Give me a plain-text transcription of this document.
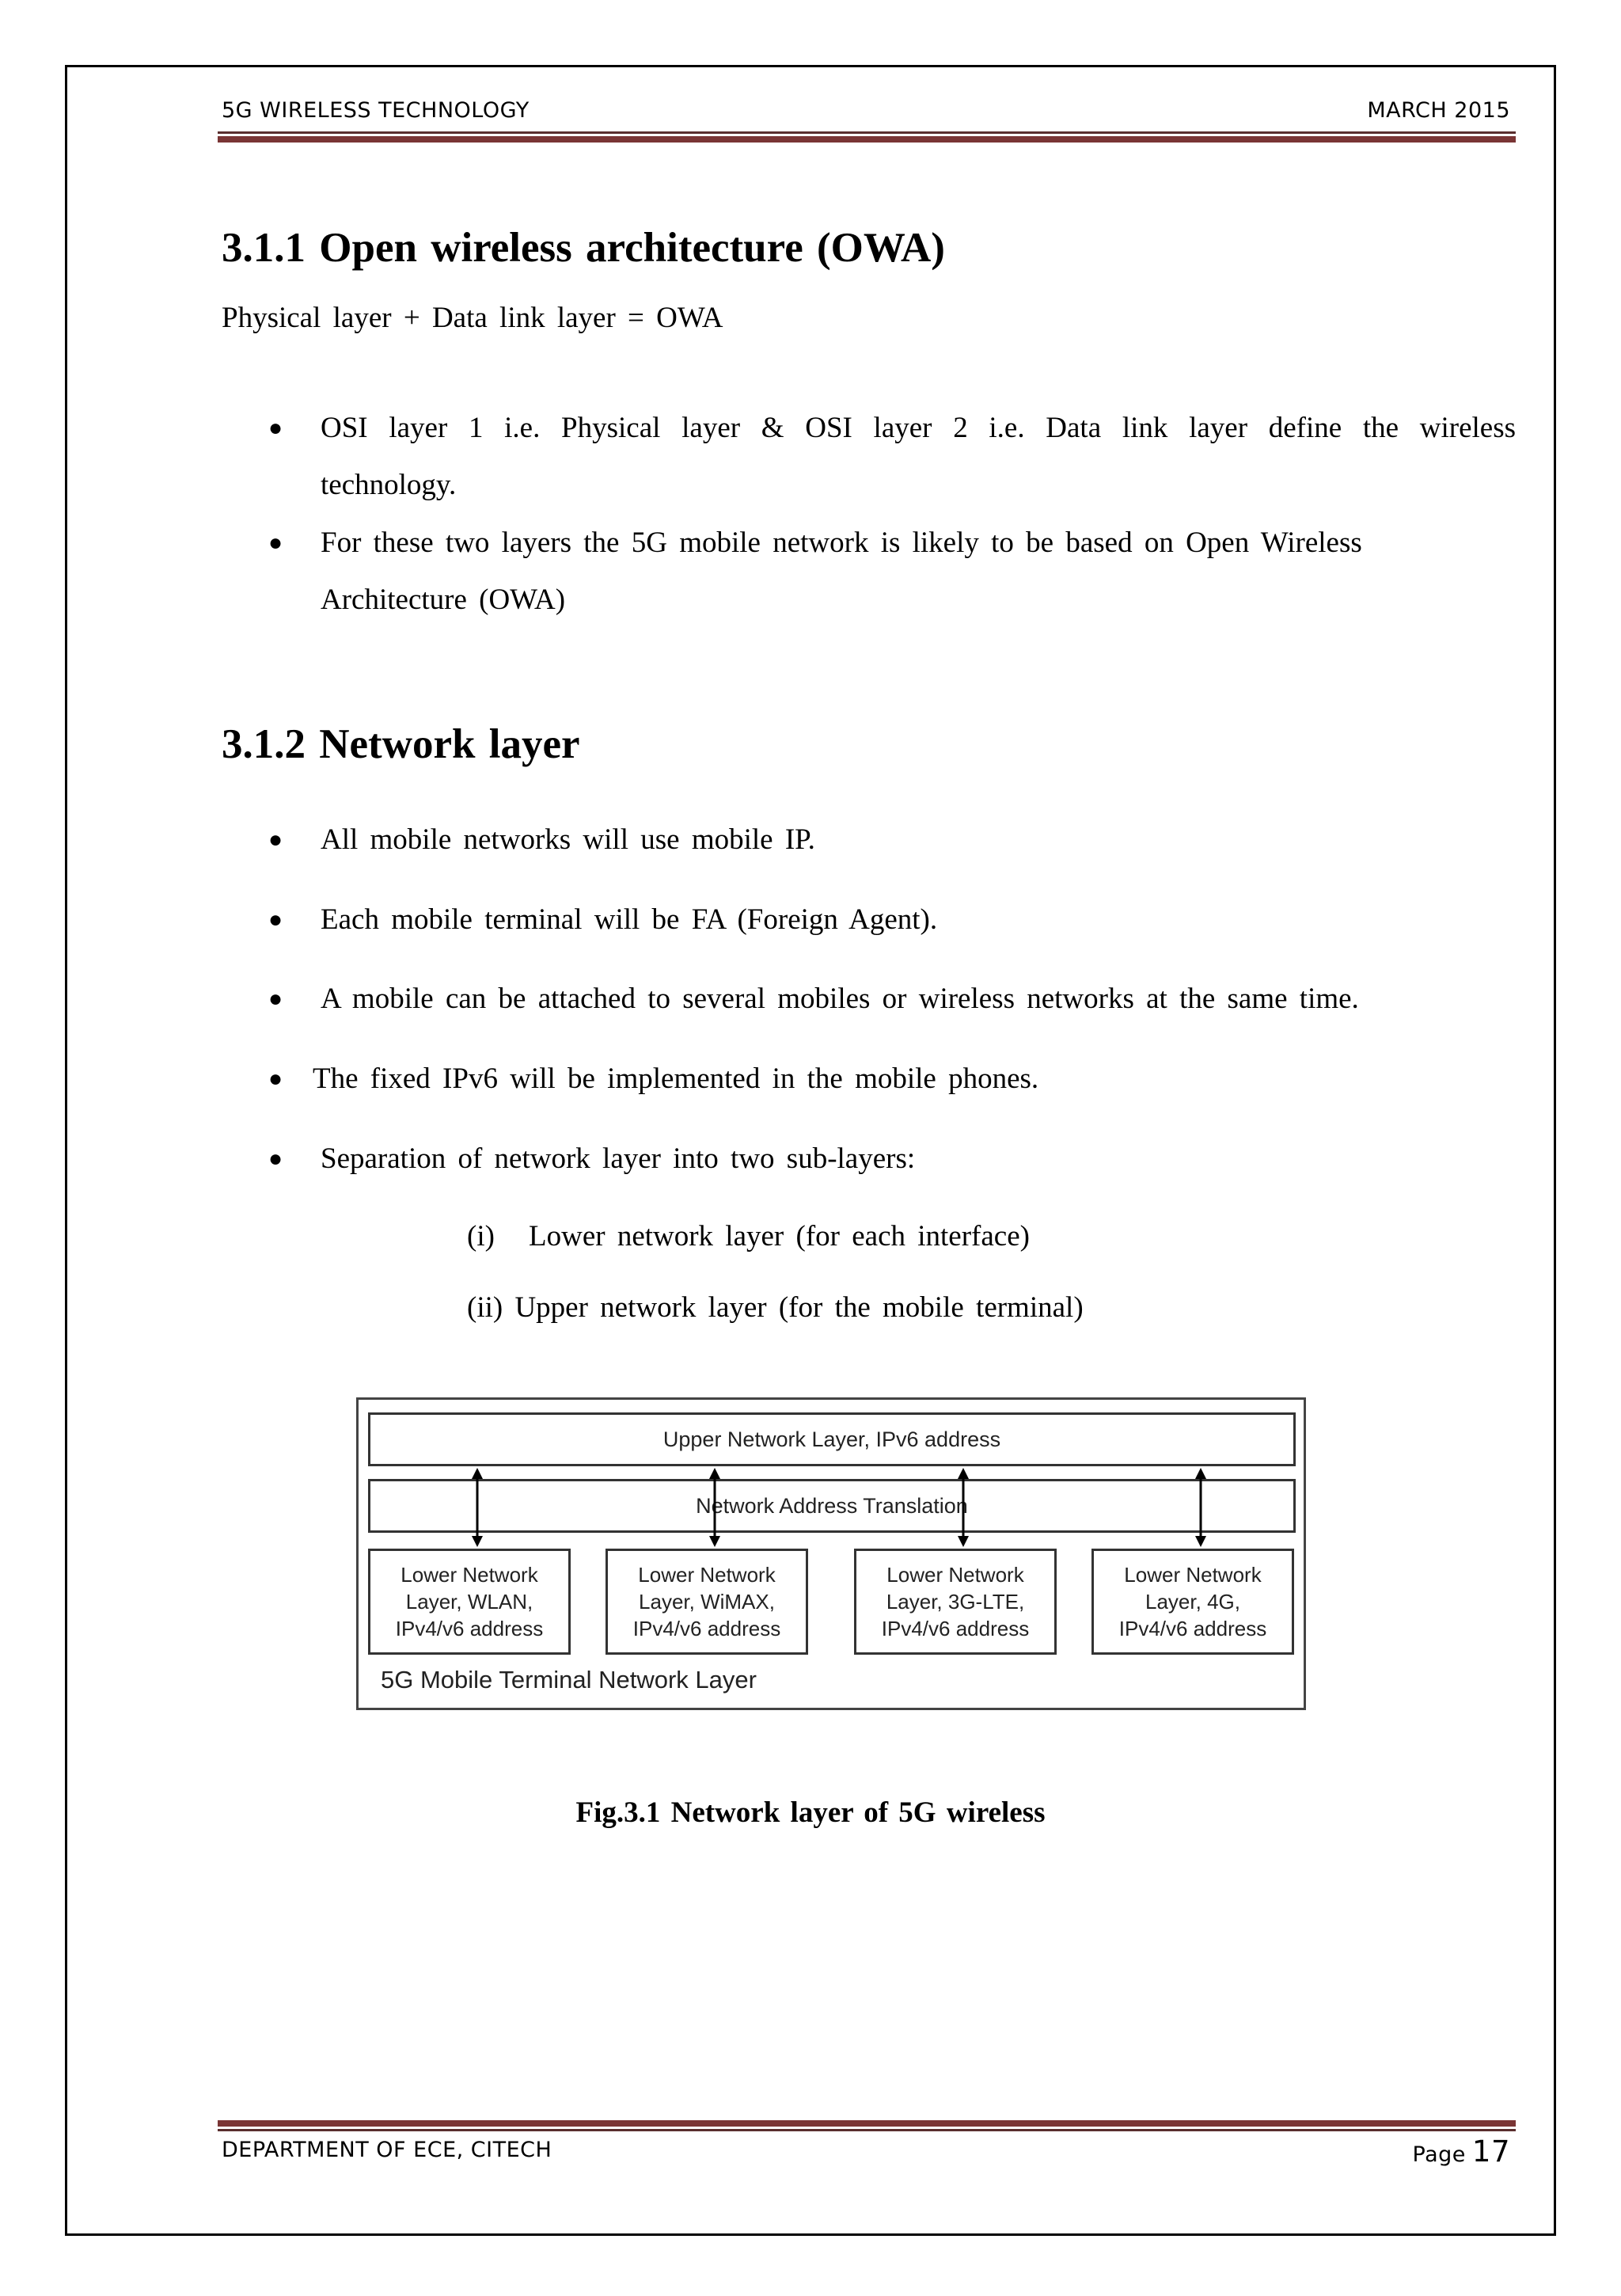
5G WIRELESS TECHNOLOGY	MARCH 2015
3.1.1 Open wireless architecture (OWA)
Physical layer + Data link layer = OWA
● OSI layer 1 i.e. Physical layer & OSI layer 2 i.e. Data link layer define the wireless technology.
● For these two layers the 5G mobile network is likely to be based on Open Wireless Architecture (OWA)
3.1.2 Network layer
● All mobile networks will use mobile IP.
● Each mobile terminal will be FA (Foreign Agent).
● A mobile can be attached to several mobiles or wireless networks at the same time.
● The fixed IPv6 will be implemented in the mobile phones.
● Separation of network layer into two sub-layers:
(i) Lower network layer (for each interface)
(ii) Upper network layer (for the mobile terminal)
Upper Network Layer, IPv6 address
Network Address Translation
Lower Network
Layer, WLAN,
IPv4/v6 address
Lower Network
Layer, WiMAX,
IPv4/v6 address
Lower Network
Layer, 3G-LTE,
IPv4/v6 address
Lower Network
Layer, 4G,
IPv4/v6 address
5G Mobile Terminal Network Layer
Fig.3.1 Network layer of 5G wireless
DEPARTMENT OF ECE, CITECH	Page 17
